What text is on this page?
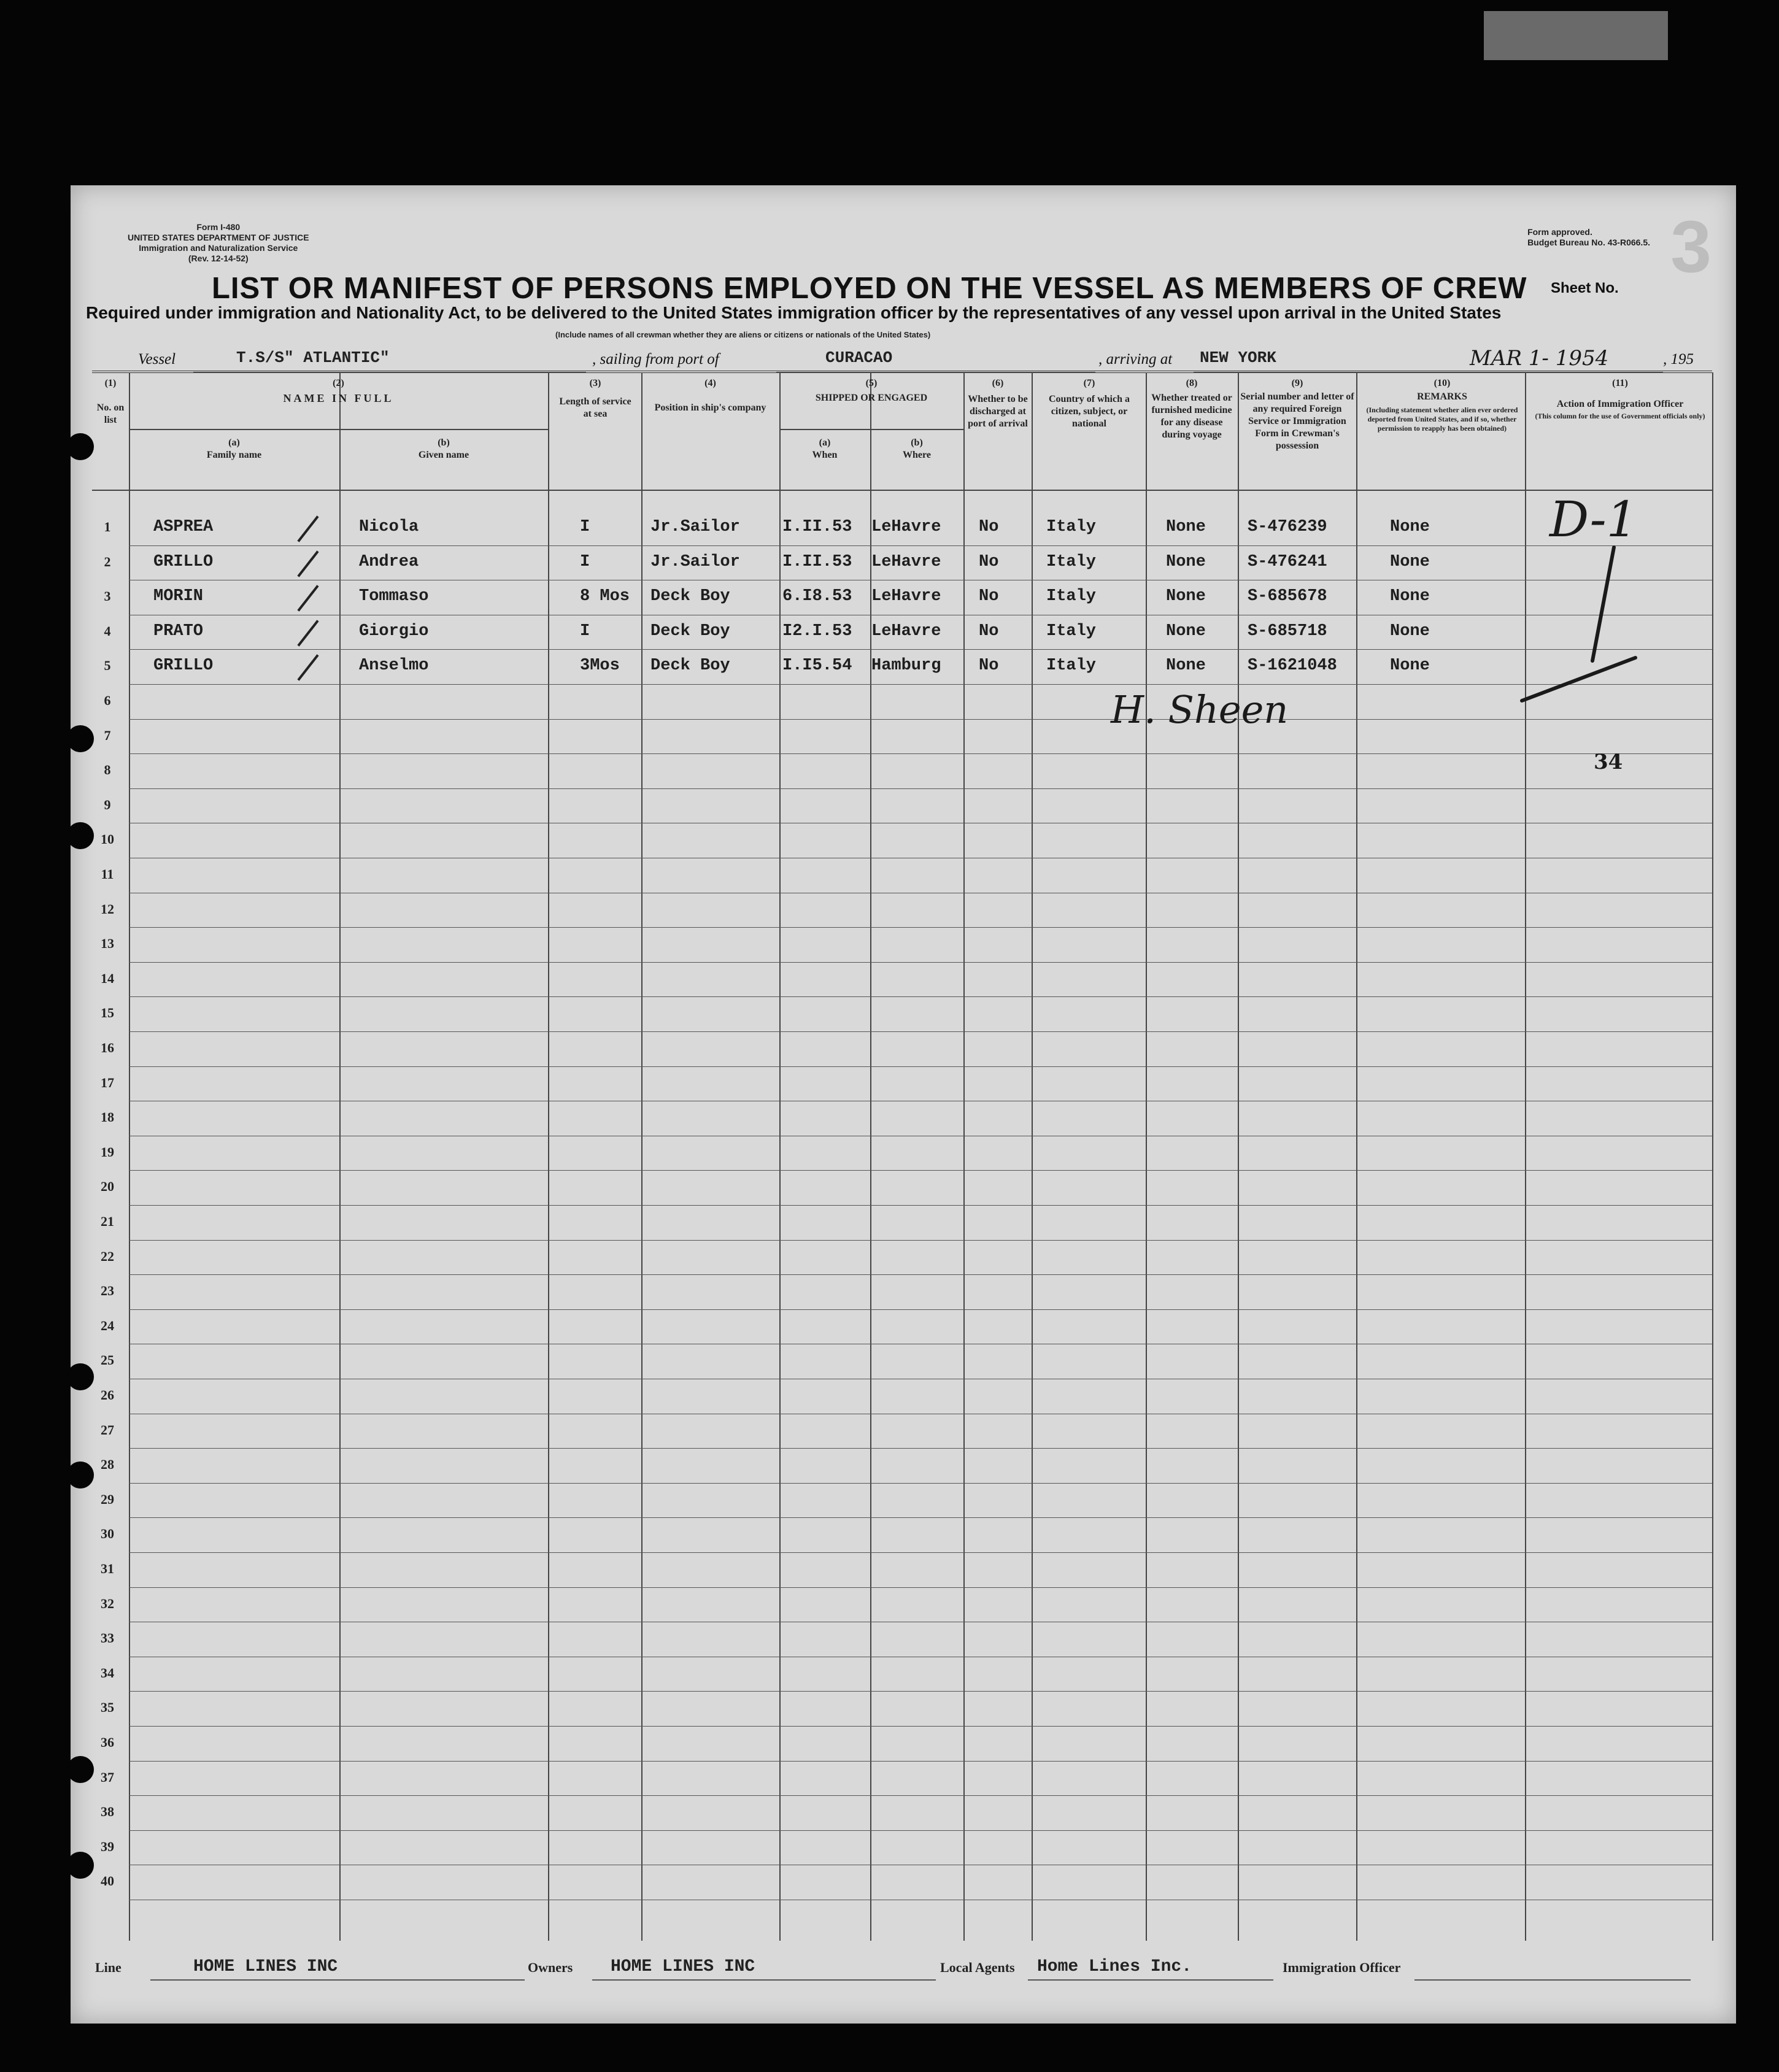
Form I-480
UNITED STATES DEPARTMENT OF JUSTICE
Immigration and Naturalization Service
(Rev. 12-14-52)
Form approved.
Budget Bureau No. 43-R066.5. 3
LIST OR MANIFEST OF PERSONS EMPLOYED ON THE VESSEL AS MEMBERS OF CREW Sheet No.
Required under immigration and Nationality Act, to be delivered to the United States immigration officer by the representatives of any vessel upon arrival in the United States
(Include names of all crewman whether they are aliens or citizens or nationals of the United States)
Vessel	T.S/S" ATLANTIC"	, sailing from port of	CURACAO	, arriving at NEW YORK	MAR 1- 1954	, 195
(1)
No. on list
(2)
NAME IN FULL
(a)
Family name
(b)
Given name
(3)
Length of service at sea
(4)
Position in ship's company
(5)
SHIPPED OR ENGAGED
(a)
When
(b)
Where
(6)
Whether to be discharged at port of arrival
(7)
Country of which a citizen, subject, or national
(8)
Whether treated or furnished medicine for any disease during voyage
(9)
Serial number and letter of any required Foreign Service or Immigration Form in Crewman's possession
(10)
REMARKS
(Including statement whether alien ever ordered deported from United States, and if so, whether permission to reapply has been obtained)
(11)
Action of Immigration Officer
(This column for the use of Government officials only)
1	ASPREA	Nicola	I	Jr.Sailor	I.II.53 LeHavre No	Italy	None	S-476239	None
2	GRILLO	Andrea	I	Jr.Sailor	I.II.53 LeHavre No	Italy	None	S-476241	None
3	MORIN	Tommaso	8 Mos Deck Boy	6.I8.53 LeHavre No	Italy	None	S-685678	None
4	PRATO	Giorgio	I	Deck Boy	I2.I.53 LeHavre No	Italy	None	S-685718	None
5	GRILLO	Anselmo	3Mos Deck Boy	I.I5.54 Hamburg No	Italy	None	S-1621048	None
6
7
8
9
10
11
12
13
14
15
16
17
18
19
20
21
22
23
24
25
26
27
28
29
30
31
32
33
34
35
36
37
38
39
40
D-1
34
H. Sheen
Line	HOME LINES INC	Owners HOME LINES INC	Local Agents Home Lines Inc.	Immigration Officer
